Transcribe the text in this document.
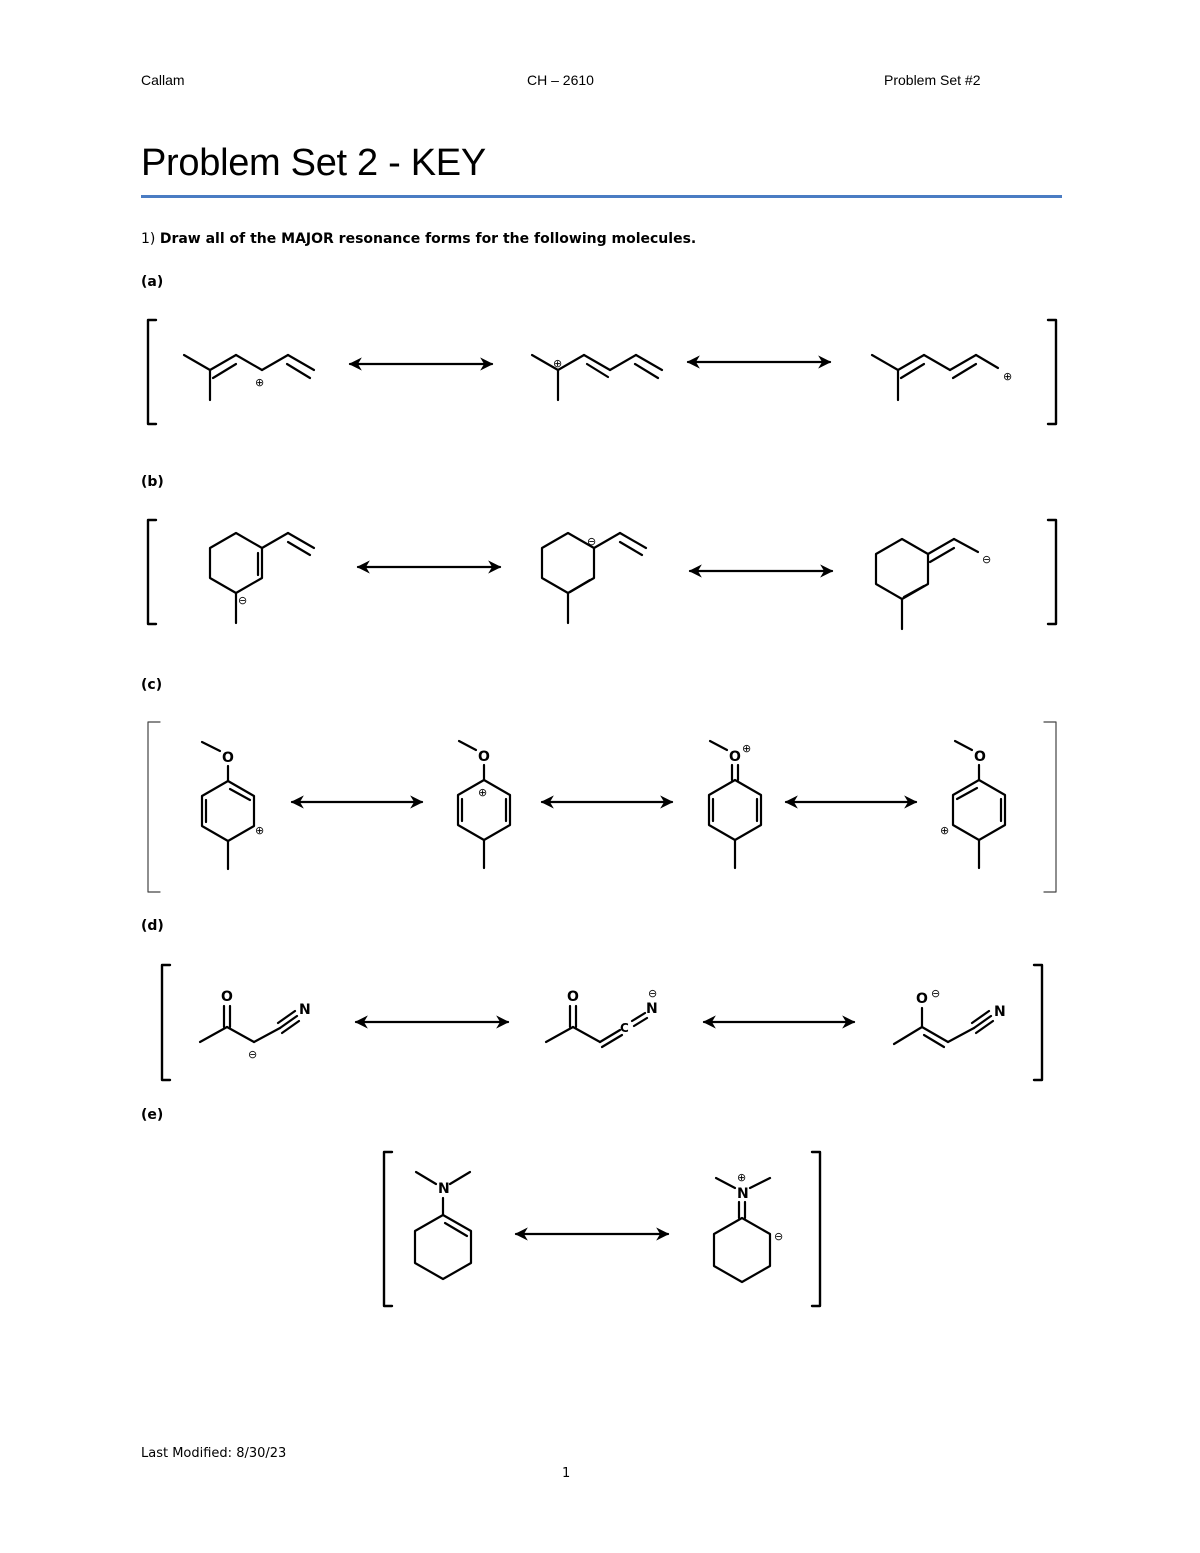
Callam	CH – 2610	Problem Set #2
Problem Set 2 - KEY
1) Draw all of the MAJOR resonance forms for the following molecules.
(a)
(b)
(c)
(d)
(e)
⊕
⊕
⊕
⊖
⊖
⊖
O
⊕
O
⊕
O
⊕
O
⊕
O
N
⊖
O
C
N
⊖	O ⊖
N
N
⊕
N
⊖
Last Modified: 8/30/23
1
